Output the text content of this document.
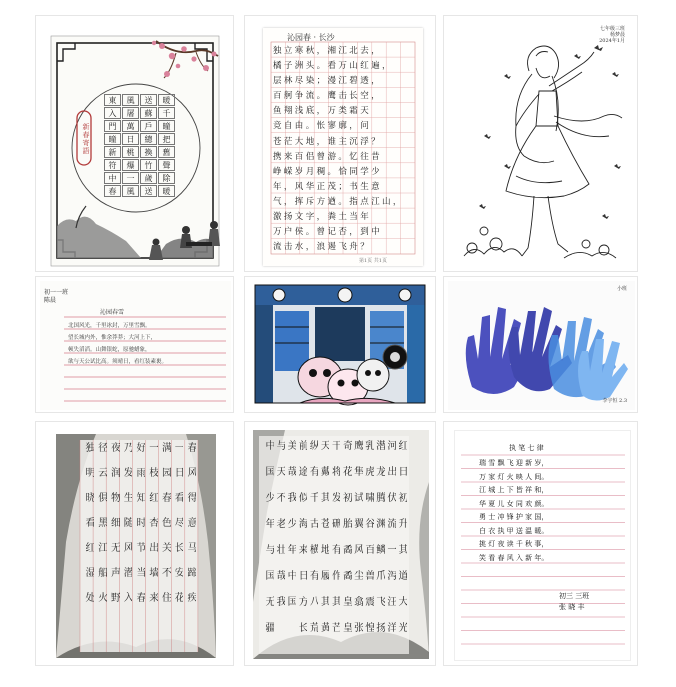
東	風	送	暖
入	屠	蘇	千
門	萬	戶	曈
曈	日	總	把
新	桃	換	舊
符	爆	竹	聲
中	一	歲	除
春	風	送	暖
新春寄語
沁园春 · 长沙
独立寒秋，湘江北去，
橘子洲头。看万山红遍，
层林尽染；漫江碧透，
百舸争流。鹰击长空，
鱼翔浅底，万类霜天
竞自由。怅寥廓，问
苍茫大地，谁主沉浮？
携来百侣曾游。忆往昔
峥嵘岁月稠。恰同学少
年，风华正茂；书生意
气，挥斥方遒。指点江山，
激扬文字，粪土当年
万户侯。曾记否，到中
流击水，浪遏飞舟？
第1页 共1页
七年级三班
杨梦晨
2024年1月
初一一班
陈晨
沁园春雪
北国风光，千里冰封，万里雪飘。
望长城内外，惟余莽莽；大河上下，
顿失滔滔。山舞银蛇，原驰蜡象，
欲与天公试比高。须晴日，看红装素裹。
小班
李宇恒 2.3
春风得意马蹄疾
一日看尽长安花
满园春色关不住
一枝红杏出墙来
好雨知时节当春
乃发生随风潜入
夜润物细无声野
径云俱黑江船火
独明晓看红湿处	红日初升其道大光
河出伏流一泻汪洋
潜龙腾渊鳞爪飞扬
乳虎啸谷百兽震惶
鹰隼试翼风尘翕张
奇花初胎矞矞皇皇
干将发硎有作其芒
天戴其苍地履其黄
纵有千古横有八荒
前途似海来日方长
美哉我少年中国
与天不老壮哉我
中国少年与国无疆	执 笔 七 律
瑞 雪 飘 飞 迎 新 岁，
万 家 灯 火 映 人 间。
江 城 上 下 皆 祥 和，
华 夏 儿 女 同 欢 颜。
勇 士 冲 锋 护 家 国，
白 衣 执 甲 送 温 暖。
挑 灯 夜 读 千 秋 事，
笑 看 春 风 入 新 年。
初三 三班
张 晓 丰
